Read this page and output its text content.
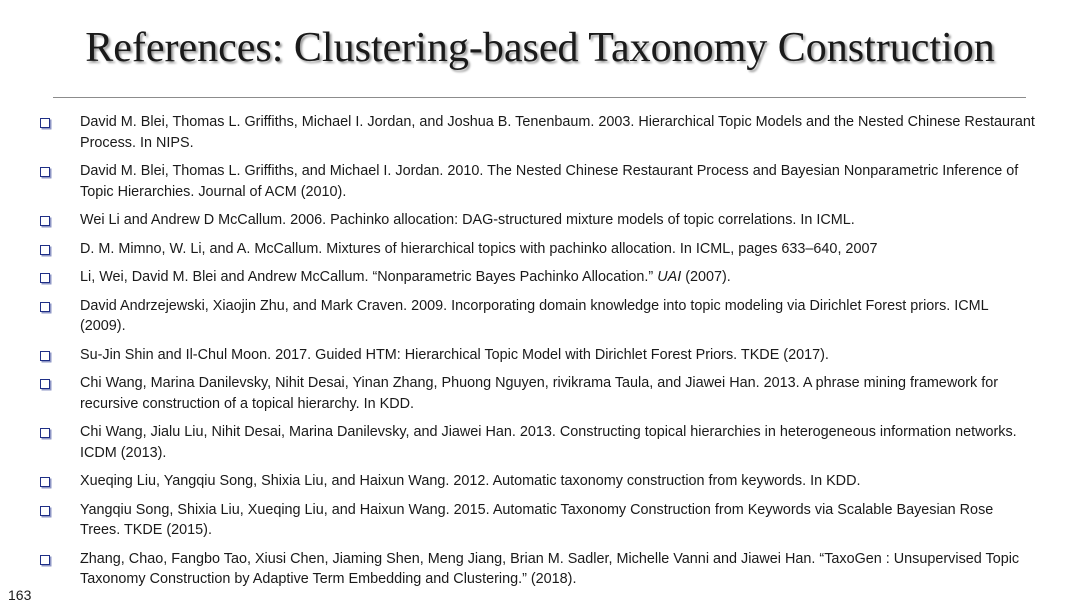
References: Clustering-based Taxonomy Construction
David M. Blei, Thomas L. Griffiths, Michael I. Jordan, and Joshua B. Tenenbaum. 2003. Hierarchical Topic Models and the Nested Chinese Restaurant Process. In NIPS.
David M. Blei, Thomas L. Griffiths, and Michael I. Jordan. 2010. The Nested Chinese Restaurant Process and Bayesian Nonparametric Inference of Topic Hierarchies. Journal of ACM (2010).
Wei Li and Andrew D McCallum. 2006. Pachinko allocation: DAG-structured mixture models of topic correlations. In ICML.
D. M. Mimno, W. Li, and A. McCallum. Mixtures of hierarchical topics with pachinko allocation. In ICML, pages 633–640, 2007
Li, Wei, David M. Blei and Andrew McCallum. “Nonparametric Bayes Pachinko Allocation.” UAI (2007).
David Andrzejewski, Xiaojin Zhu, and Mark Craven. 2009. Incorporating domain knowledge into topic modeling via Dirichlet Forest priors. ICML (2009).
Su-Jin Shin and Il-Chul Moon. 2017. Guided HTM: Hierarchical Topic Model with Dirichlet Forest Priors. TKDE (2017).
Chi Wang, Marina Danilevsky, Nihit Desai, Yinan Zhang, Phuong Nguyen, rivikrama Taula, and Jiawei Han. 2013. A phrase mining framework for recursive construction of a topical hierarchy. In KDD.
Chi Wang, Jialu Liu, Nihit Desai, Marina Danilevsky, and Jiawei Han. 2013. Constructing topical hierarchies in heterogeneous information networks. ICDM (2013).
Xueqing Liu, Yangqiu Song, Shixia Liu, and Haixun Wang. 2012. Automatic taxonomy construction from keywords. In KDD.
Yangqiu Song, Shixia Liu, Xueqing Liu, and Haixun Wang. 2015. Automatic Taxonomy Construction from Keywords via Scalable Bayesian Rose Trees. TKDE (2015).
Zhang, Chao, Fangbo Tao, Xiusi Chen, Jiaming Shen, Meng Jiang, Brian M. Sadler, Michelle Vanni and Jiawei Han. “TaxoGen : Unsupervised Topic Taxonomy Construction by Adaptive Term Embedding and Clustering.” (2018).
163
